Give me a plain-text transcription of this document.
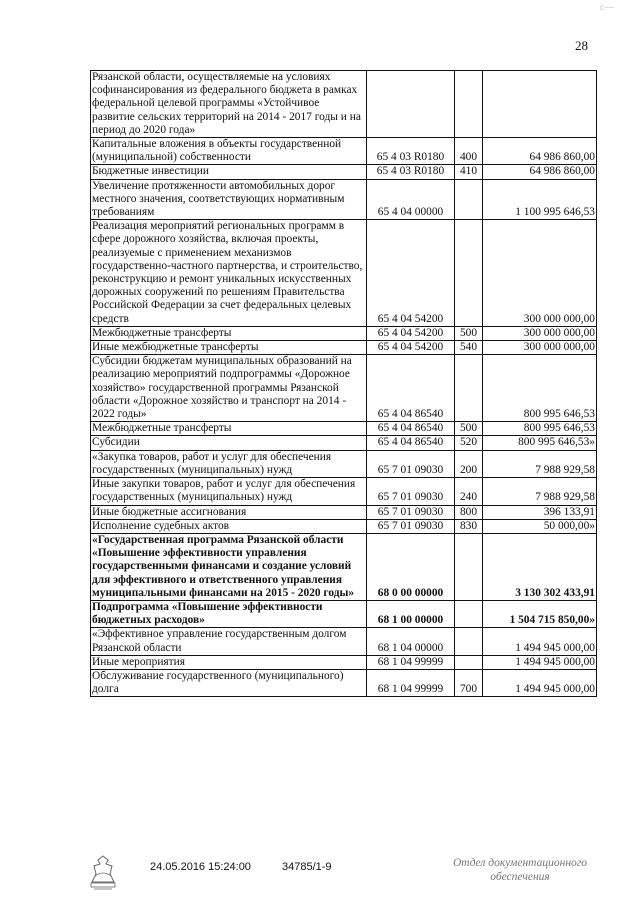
г.—
28
Рязанской области, осуществляемые на условиях софинансирования из федерального бюджета в рамках федеральной целевой программы «Устойчивое развитие сельских территорий на 2014 - 2017 годы и на период до 2020 года»			
Капитальные вложения в объекты государственной (муниципальной) собственности	65 4 03 R0180	400	64 986 860,00
Бюджетные инвестиции	65 4 03 R0180	410	64 986 860,00
Увеличение протяженности автомобильных дорог местного значения, соответствующих нормативным требованиям	65 4 04 00000		1 100 995 646,53
Реализация мероприятий региональных программ в сфере дорожного хозяйства, включая проекты, реализуемые с применением механизмов государственно-частного партнерства, и строительство, реконструкцию и ремонт уникальных искусственных дорожных сооружений по решениям Правительства Российской Федерации за счет федеральных целевых средств	65 4 04 54200		300 000 000,00
Межбюджетные трансферты	65 4 04 54200	500	300 000 000,00
Иные межбюджетные трансферты	65 4 04 54200	540	300 000 000,00
Субсидии бюджетам муниципальных образований на реализацию мероприятий подпрограммы «Дорожное хозяйство» государственной программы Рязанской области «Дорожное хозяйство и транспорт на 2014 - 2022 годы»	65 4 04 86540		800 995 646,53
Межбюджетные трансферты	65 4 04 86540	500	800 995 646,53
Субсидии	65 4 04 86540	520	800 995 646,53»
«Закупка товаров, работ и услуг для обеспечения государственных (муниципальных) нужд	65 7 01 09030	200	7 988 929,58
Иные закупки товаров, работ и услуг для обеспечения государственных (муниципальных) нужд	65 7 01 09030	240	7 988 929,58
Иные бюджетные ассигнования	65 7 01 09030	800	396 133,91
Исполнение судебных актов	65 7 01 09030	830	50 000,00»
«Государственная программа Рязанской области «Повышение эффективности управления государственными финансами и создание условий для эффективного и ответственного управления муниципальными финансами на 2015 - 2020 годы»	68 0 00 00000		3 130 302 433,91
Подпрограмма «Повышение эффективности бюджетных расходов»	68 1 00 00000		1 504 715 850,00»
«Эффективное управление государственным долгом Рязанской области	68 1 04 00000		1 494 945 000,00
Иные мероприятия	68 1 04 99999		1 494 945 000,00
Обслуживание государственного (муниципального) долга	68 1 04 99999	700	1 494 945 000,00
24.05.2016 15:24:00	34785/1-9	Отдел документационного
обеспечения
